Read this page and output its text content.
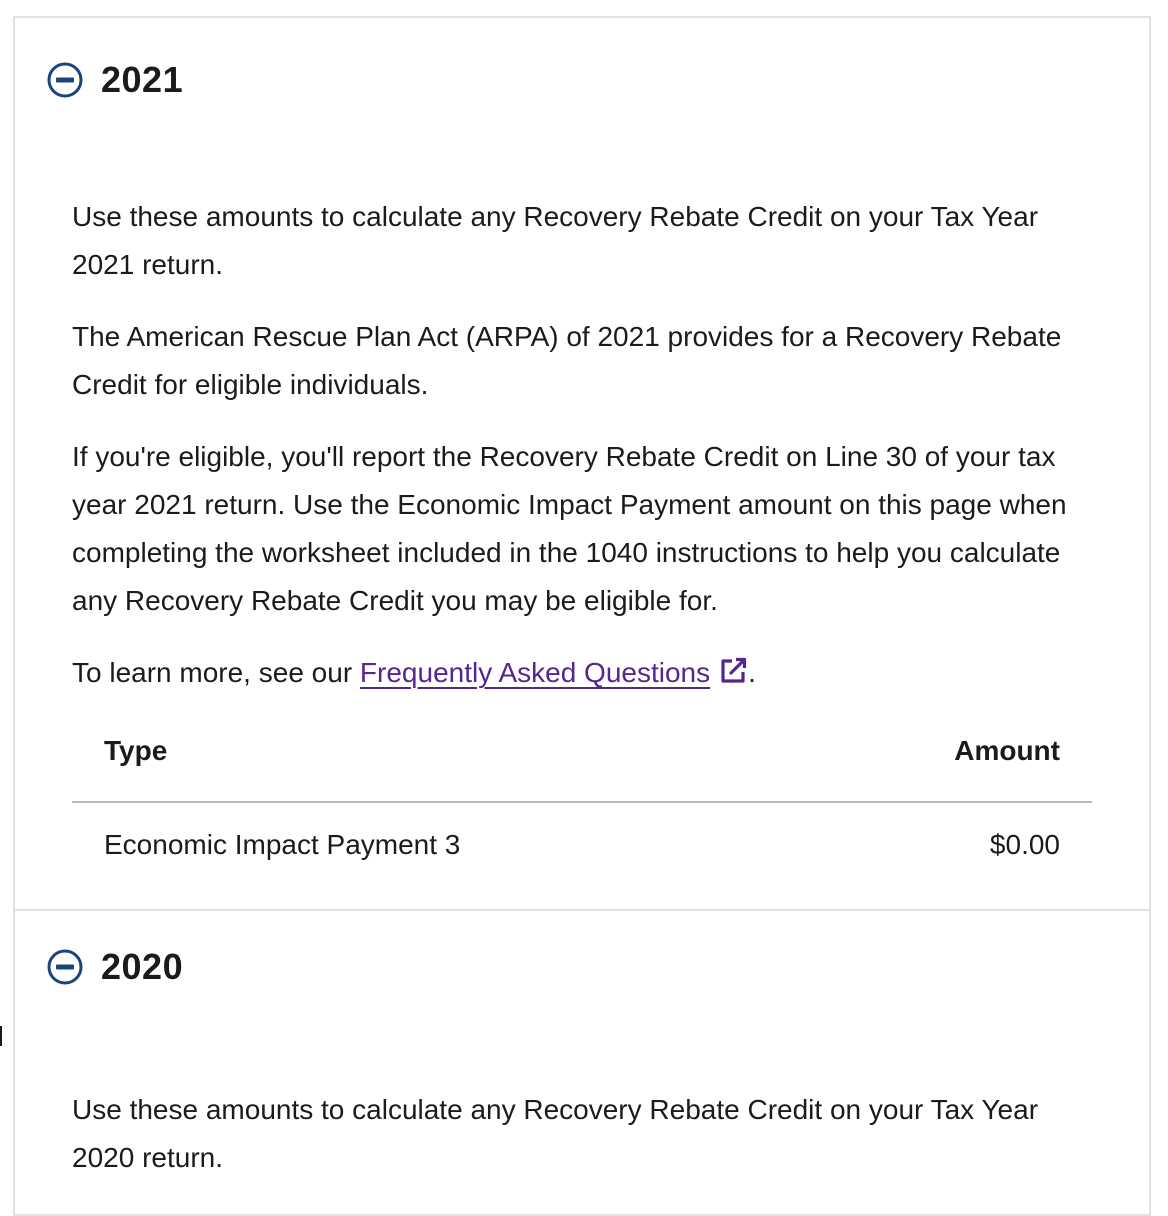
2021

Use these amounts to calculate any Recovery Rebate Credit on your Tax Year 2021 return.

The American Rescue Plan Act (ARPA) of 2021 provides for a Recovery Rebate Credit for eligible individuals.

If you're eligible, you'll report the Recovery Rebate Credit on Line 30 of your tax year 2021 return. Use the Economic Impact Payment amount on this page when completing the worksheet included in the 1040 instructions to help you calculate any Recovery Rebate Credit you may be eligible for.

To learn more, see our Frequently Asked Questions .

Type	Amount
Economic Impact Payment 3	$0.00
2020

Use these amounts to calculate any Recovery Rebate Credit on your Tax Year 2020 return.
